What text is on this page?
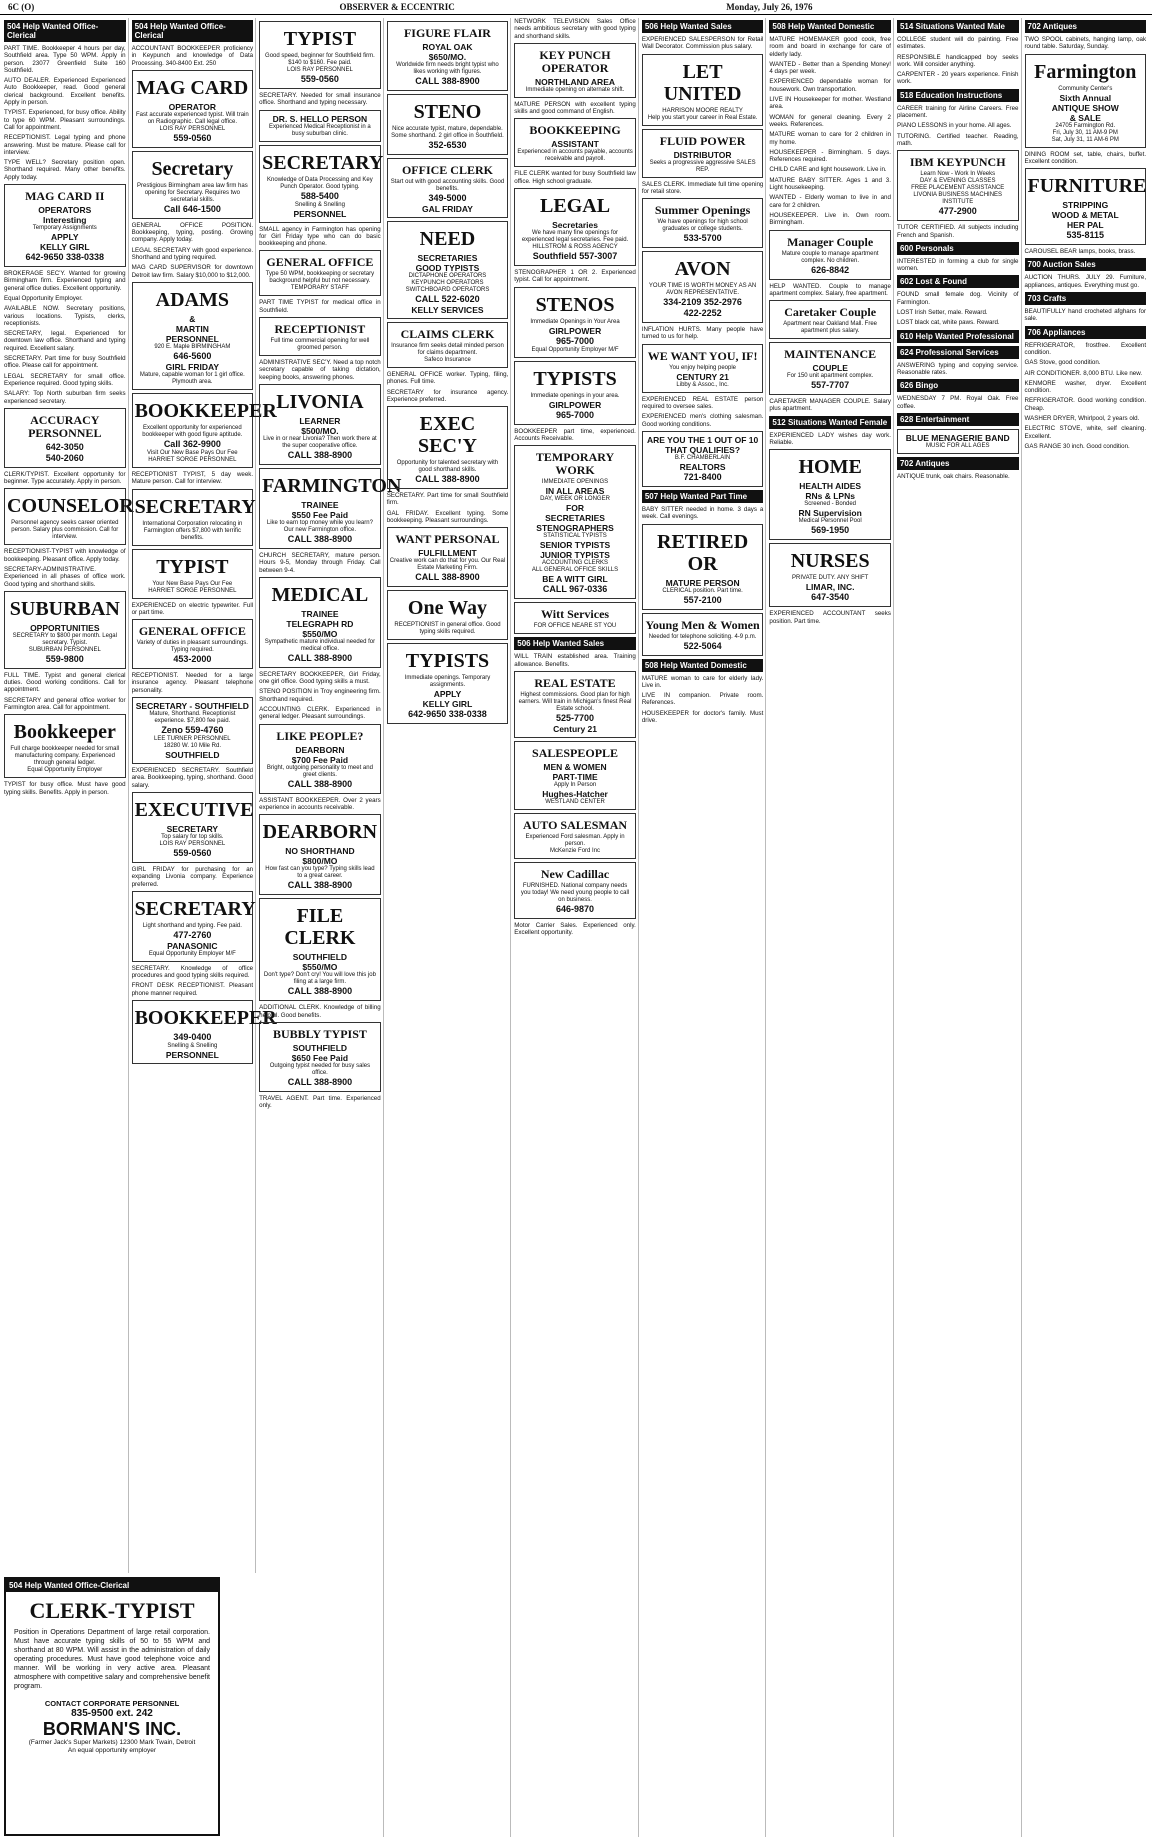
6C (O)	OBSERVER & ECCENTRIC	Monday, July 26, 1976
504 Help Wanted Office-Clerical
PART TIME. Bookkeeper 4 hours per day, Southfield area. Type 50 WPM. Apply in person. 23077 Greenfield Suite 160 Southfield.
AUTO DEALER. Experienced Experienced Auto Bookkeeper, read. Good general clerical background. Excellent benefits. Apply in person.
TYPIST. Experienced, for busy office. Ability to type 60 WPM. Pleasant surroundings. Call for appointment.
RECEPTIONIST. Legal typing and phone answering. Must be mature. Please call for interview.
TYPE WELL? Secretary position open. Shorthand required. Many other benefits. Apply today.
MAG CARD II
OPERATORS
Interesting
Temporary Assignments
APPLY
KELLY GIRL
642-9650 338-0338
BROKERAGE SEC'Y. Wanted for growing Birmingham firm. Experienced typing and general office duties. Excellent opportunity.
Equal Opportunity Employer.
AVAILABLE NOW. Secretary positions, various locations. Typists, clerks, receptionists.
SECRETARY, legal. Experienced for downtown law office. Shorthand and typing required. Excellent salary.
SECRETARY. Part time for busy Southfield office. Please call for appointment.
LEGAL SECRETARY for small office. Experience required. Good typing skills.
SALARY: Top North suburban firm seeks experienced secretary.
ACCURACY PERSONNEL
642-3050
540-2060
CLERK/TYPIST. Excellent opportunity for beginner. Type accurately. Apply in person.
COUNSELOR
Personnel agency seeks career oriented person. Salary plus commission. Call for interview.
RECEPTIONIST-TYPIST with knowledge of bookkeeping. Pleasant office. Apply today.
SECRETARY-ADMINISTRATIVE. Experienced in all phases of office work. Good typing and shorthand skills.
SUBURBAN
OPPORTUNITIES
SECRETARY to $800 per month. Legal secretary. Typist.
SUBURBAN PERSONNEL
559-9800
FULL TIME. Typist and general clerical duties. Good working conditions. Call for appointment.
SECRETARY and general office worker for Farmington area. Call for appointment.
Bookkeeper
Full charge bookkeeper needed for small manufacturing company. Experienced through general ledger.
Equal Opportunity Employer
TYPIST for busy office. Must have good typing skills. Benefits. Apply in person.
504 Help Wanted Office-Clerical
ACCOUNTANT BOOKKEEPER proficiency in Keypunch and knowledge of Data Processing. 340-8400 Ext. 250
MAG CARD
OPERATOR
Fast accurate experienced typist. Will train on Radiographic. Call legal office.
LOIS RAY PERSONNEL
559-0560
Secretary
Prestigious Birmingham area law firm has opening for Secretary. Requires two secretarial skills.
Call 646-1500
GENERAL OFFICE POSITION. Bookkeeping, typing, posting. Growing company. Apply today.
LEGAL SECRETARY with good experience. Shorthand and typing required.
MAG CARD SUPERVISOR for downtown Detroit law firm. Salary $10,000 to $12,000.
ADAMS
&
MARTIN
PERSONNEL
920 E. Maple BIRMINGHAM
646-5600
GIRL FRIDAY
Mature, capable woman for 1 girl office. Plymouth area.
BOOKKEEPER
Excellent opportunity for experienced bookkeeper with good figure aptitude.
Call 362-9900
Visit Our New Base Pays Our Fee
HARRIET SORGE PERSONNEL
RECEPTIONIST TYPIST, 5 day week. Mature person. Call for interview.
SECRETARY
International Corporation relocating in Farmington offers $7,800 with terrific benefits.
TYPIST
Your New Base Pays Our Fee
HARRIET SORGE PERSONNEL
EXPERIENCED on electric typewriter. Full or part time.
GENERAL OFFICE
Variety of duties in pleasant surroundings. Typing required.
453-2000
RECEPTIONIST. Needed for a large insurance agency. Pleasant telephone personality.
SECRETARY - SOUTHFIELD
Mature, Shorthand. Receptionist experience. $7,800 fee paid.
Zeno 559-4760
LEE TURNER PERSONNEL
18280 W. 10 Mile Rd.
SOUTHFIELD
EXPERIENCED SECRETARY. Southfield area. Bookkeeping, typing, shorthand. Good salary.
EXECUTIVE
SECRETARY
Top salary for top skills.
LOIS RAY PERSONNEL
559-0560
GIRL FRIDAY for purchasing for an expanding Livonia company. Experience preferred.
SECRETARY
Light shorthand and typing. Fee paid.
477-2760
PANASONIC
Equal Opportunity Employer M/F
SECRETARY. Knowledge of office procedures and good typing skills required.
FRONT DESK RECEPTIONIST. Pleasant phone manner required.
BOOKKEEPER
349-0400
Snelling & Snelling
PERSONNEL
TYPIST
Good speed, beginner for Southfield firm. $140 to $160. Fee paid.
LOIS RAY PERSONNEL
559-0560
SECRETARY. Needed for small insurance office. Shorthand and typing necessary.
DR. S. HELLO PERSON
Experienced Medical Receptionist in a busy suburban clinic.
SECRETARY
Knowledge of Data Processing and Key Punch Operator. Good typing.
588-5400
Snelling & Snelling
PERSONNEL
SMALL agency in Farmington has opening for Girl Friday type who can do basic bookkeeping and phone.
GENERAL OFFICE
Type 50 WPM, bookkeeping or secretary background helpful but not necessary.
TEMPORARY STAFF
PART TIME TYPIST for medical office in Southfield.
RECEPTIONIST
Full time commercial opening for well groomed person.
ADMINISTRATIVE SEC'Y. Need a top notch secretary capable of taking dictation, keeping books, answering phones.
LIVONIA
LEARNER
$500/MO.
Live in or near Livonia? Then work there at the super cooperative office.
CALL 388-8900
FARMINGTON
TRAINEE
$550 Fee Paid
Like to earn top money while you learn? Our new Farmington office.
CALL 388-8900
CHURCH SECRETARY, mature person. Hours 9-5, Monday through Friday. Call between 9-4.
MEDICAL
TRAINEE
TELEGRAPH RD
$550/MO
Sympathetic mature individual needed for medical office.
CALL 388-8900
SECRETARY BOOKKEEPER, Girl Friday, one girl office. Good typing skills a must.
STENO POSITION in Troy engineering firm. Shorthand required.
ACCOUNTING CLERK. Experienced in general ledger. Pleasant surroundings.
LIKE PEOPLE?
DEARBORN
$700 Fee Paid
Bright, outgoing personality to meet and greet clients.
CALL 388-8900
ASSISTANT BOOKKEEPER. Over 2 years experience in accounts receivable.
DEARBORN
NO SHORTHAND
$800/MO
How fast can you type? Typing skills lead to a great career.
CALL 388-8900
FILE CLERK
SOUTHFIELD
$550/MO
Don't type? Don't cry! You will love this job filing at a large firm.
CALL 388-8900
ADDITIONAL CLERK. Knowledge of billing helpful. Good benefits.
BUBBLY TYPIST
SOUTHFIELD
$650 Fee Paid
Outgoing typist needed for busy sales office.
CALL 388-8900
TRAVEL AGENT. Part time. Experienced only.
FIGURE FLAIR
ROYAL OAK
$650/MO.
Worldwide firm needs bright typist who likes working with figures.
CALL 388-8900
STENO
Nice accurate typist, mature, dependable. Some shorthand. 2 girl office in Southfield.
352-6530
OFFICE CLERK
Start out with good accounting skills. Good benefits.
349-5000
GAL FRIDAY
NEED
SECRETARIES
GOOD TYPISTS
DICTAPHONE OPERATORS
KEYPUNCH OPERATORS
SWITCHBOARD OPERATORS
CALL 522-6020
KELLY SERVICES
CLAIMS CLERK
Insurance firm seeks detail minded person for claims department.
Safeco Insurance
GENERAL OFFICE worker. Typing, filing, phones. Full time.
SECRETARY for insurance agency. Experience preferred.
EXEC SEC'Y
Opportunity for talented secretary with good shorthand skills.
CALL 388-8900
SECRETARY. Part time for small Southfield firm.
GAL FRIDAY. Excellent typing. Some bookkeeping. Pleasant surroundings.
WANT PERSONAL
FULFILLMENT
Creative work can do that for you. Our Real Estate Marketing Firm.
CALL 388-8900
One Way
RECEPTIONIST in general office. Good typing skills required.
TYPISTS
Immediate openings. Temporary assignments.
APPLY
KELLY GIRL
642-9650 338-0338
NETWORK TELEVISION Sales Office needs ambitious secretary with good typing and shorthand skills.
KEY PUNCH OPERATOR
NORTHLAND AREA
Immediate opening on alternate shift.
MATURE PERSON with excellent typing skills and good command of English.
BOOKKEEPING
ASSISTANT
Experienced in accounts payable, accounts receivable and payroll.
FILE CLERK wanted for busy Southfield law office. High school graduate.
LEGAL
Secretaries
We have many fine openings for experienced legal secretaries. Fee paid.
HILLSTROM & ROSS AGENCY
Southfield 557-3007
STENOGRAPHER 1 OR 2. Experienced typist. Call for appointment.
STENOS
Immediate Openings in Your Area
GIRLPOWER
965-7000
Equal Opportunity Employer M/F
TYPISTS
Immediate openings in your area.
GIRLPOWER
965-7000
BOOKKEEPER part time, experienced. Accounts Receivable.
TEMPORARY WORK
IMMEDIATE OPENINGS
IN ALL AREAS
DAY, WEEK OR LONGER
FOR
SECRETARIES
STENOGRAPHERS
STATISTICAL TYPISTS
SENIOR TYPISTS
JUNIOR TYPISTS
ACCOUNTING CLERKS
ALL GENERAL OFFICE SKILLS
BE A WITT GIRL
CALL 967-0336
Witt Services
FOR OFFICE NEARE ST YOU
506 Help Wanted Sales
WILL TRAIN established area. Training allowance. Benefits.
REAL ESTATE
Highest commissions. Good plan for high earners. Will train in Michigan's finest Real Estate school.
525-7700
Century 21
SALESPEOPLE
MEN & WOMEN
PART-TIME
Apply In Person
Hughes-Hatcher
WESTLAND CENTER
AUTO SALESMAN
Experienced Ford salesman. Apply in person.
McKenzie Ford Inc
New Cadillac
FURNISHED. National company needs you today! We need young people to call on business.
646-9870
Motor Carrier Sales. Experienced only. Excellent opportunity.
506 Help Wanted Sales
EXPERIENCED SALESPERSON for Retail Wall Decorator. Commission plus salary.
LET UNITED
HARRISON MOORE REALTY
Help you start your career in Real Estate.
FLUID POWER
DISTRIBUTOR
Seeks a progressive aggressive SALES REP.
SALES CLERK. Immediate full time opening for retail store.
Summer Openings
We have openings for high school graduates or college students.
533-5700
AVON
YOUR TIME IS WORTH MONEY AS AN AVON REPRESENTATIVE.
334-2109 352-2976
422-2252
INFLATION HURTS. Many people have turned to us for help.
WE WANT YOU, IF!
You enjoy helping people
CENTURY 21
Libby & Assoc., Inc.
EXPERIENCED REAL ESTATE person required to oversee sales.
EXPERIENCED men's clothing salesman. Good working conditions.
ARE YOU THE 1 OUT OF 10 THAT QUALIFIES?
B.F. CHAMBERLAIN
REALTORS
721-8400
507 Help Wanted Part Time
BABY SITTER needed in home. 3 days a week. Call evenings.
RETIRED OR
MATURE PERSON
CLERICAL position. Part time.
557-2100
Young Men & Women
Needed for telephone soliciting. 4-9 p.m.
522-5064
508 Help Wanted Domestic
MATURE woman to care for elderly lady. Live in.
LIVE IN companion. Private room. References.
HOUSEKEEPER for doctor's family. Must drive.
508 Help Wanted Domestic
MATURE HOMEMAKER good cook, free room and board in exchange for care of elderly lady.
WANTED - Better than a Spending Money! 4 days per week.
EXPERIENCED dependable woman for housework. Own transportation.
LIVE IN Housekeeper for mother. Westland area.
WOMAN for general cleaning. Every 2 weeks. References.
MATURE woman to care for 2 children in my home.
HOUSEKEEPER - Birmingham. 5 days. References required.
CHILD CARE and light housework. Live in.
MATURE BABY SITTER. Ages 1 and 3. Light housekeeping.
WANTED - Elderly woman to live in and care for 2 children.
HOUSEKEEPER. Live in. Own room. Birmingham.
Manager Couple
Mature couple to manage apartment complex. No children.
626-8842
HELP WANTED. Couple to manage apartment complex. Salary, free apartment.
Caretaker Couple
Apartment near Oakland Mall. Free apartment plus salary.
MAINTENANCE
COUPLE
For 150 unit apartment complex.
557-7707
CARETAKER MANAGER COUPLE. Salary plus apartment.
512 Situations Wanted Female
EXPERIENCED LADY wishes day work. Reliable.
HOME
HEALTH AIDES
RNs & LPNs
Screened - Bonded
RN Supervision
Medical Personnel Pool
569-1950
NURSES
PRIVATE DUTY. ANY SHIFT
LIMAR, INC.
647-3540
EXPERIENCED ACCOUNTANT seeks position. Part time.
514 Situations Wanted Male
COLLEGE student will do painting. Free estimates.
RESPONSIBLE handicapped boy seeks work. Will consider anything.
CARPENTER - 20 years experience. Finish work.
518 Education Instructions
CAREER training for Airline Careers. Free placement.
PIANO LESSONS in your home. All ages.
TUTORING. Certified teacher. Reading, math.
IBM KEYPUNCH
Learn Now - Work In Weeks
DAY & EVENING CLASSES
FREE PLACEMENT ASSISTANCE
LIVONIA BUSINESS MACHINES INSTITUTE
477-2900
TUTOR CERTIFIED. All subjects including French and Spanish.
600 Personals
INTERESTED in forming a club for single women.
602 Lost & Found
FOUND small female dog. Vicinity of Farmington.
LOST Irish Setter, male. Reward.
LOST black cat, white paws. Reward.
610 Help Wanted Professional
624 Professional Services
ANSWERING typing and copying service. Reasonable rates.
626 Bingo
WEDNESDAY 7 PM. Royal Oak. Free coffee.
628 Entertainment
BLUE MENAGERIE BAND
MUSIC FOR ALL AGES
702 Antiques
ANTIQUE trunk, oak chairs. Reasonable.
702 Antiques
TWO SPOOL cabinets, hanging lamp, oak round table. Saturday, Sunday.
Farmington
Community Center's
Sixth Annual
ANTIQUE SHOW
& SALE
24705 Farmington Rd.
Fri, July 30, 11 AM-9 PM
Sat, July 31, 11 AM-6 PM
DINING ROOM set, table, chairs, buffet. Excellent condition.
FURNITURE
STRIPPING
WOOD & METAL
HER PAL
535-8115
CAROUSEL BEAR lamps, books, brass.
700 Auction Sales
AUCTION THURS. JULY 29. Furniture, appliances, antiques. Everything must go.
703 Crafts
BEAUTIFULLY hand crocheted afghans for sale.
706 Appliances
REFRIGERATOR, frostfree. Excellent condition.
GAS Stove, good condition.
AIR CONDITIONER. 8,000 BTU. Like new.
KENMORE washer, dryer. Excellent condition.
REFRIGERATOR. Good working condition. Cheap.
WASHER DRYER, Whirlpool, 2 years old.
ELECTRIC STOVE, white, self cleaning. Excellent.
GAS RANGE 30 inch. Good condition.
504 Help Wanted Office-Clerical
CLERK-TYPIST
Position in Operations Department of large retail corporation. Must have accurate typing skills of 50 to 55 WPM and shorthand at 80 WPM. Will assist in the administration of daily operating procedures. Must have good telephone voice and manner. Will be working in very active area. Pleasant atmosphere with competitive salary and comprehensive benefit program.
CONTACT CORPORATE PERSONNEL
835-9500 ext. 242
BORMAN'S INC.
(Farmer Jack's Super Markets) 12300 Mark Twain, Detroit
An equal opportunity employer
